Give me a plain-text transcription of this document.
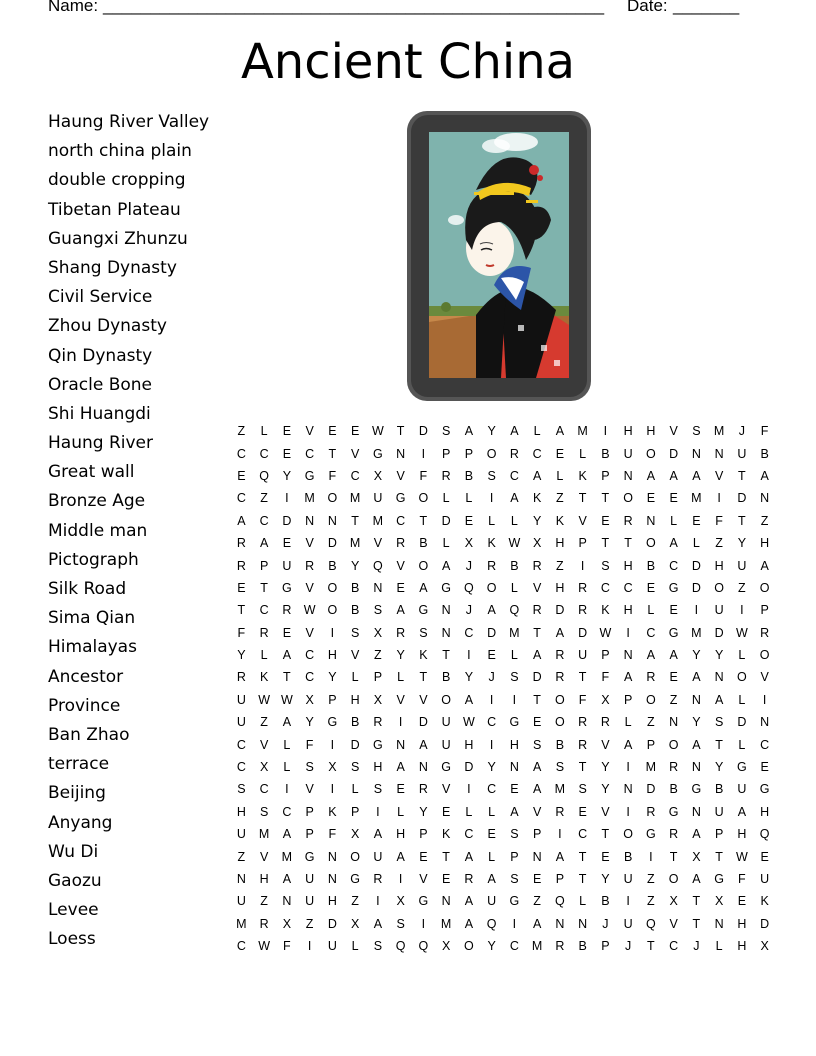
Name: _____________________________________________________ Date: _______
Ancient China
Haung River Valley
north china plain
double cropping
Tibetan Plateau
Guangxi Zhunzu
Shang Dynasty
Civil Service
Zhou Dynasty
Qin Dynasty
Oracle Bone
Shi Huangdi
Haung River
Great wall
Bronze Age
Middle man
Pictograph
Silk Road
Sima Qian
Himalayas
Ancestor
Province
Ban Zhao
terrace
Beijing
Anyang
Wu Di
Gaozu
Levee
Loess
Z	L	E	V	E	E	W	T	D	S	A	Y	A	L	A	M	I	H	H	V	S	M	J	F
C	C	E	C	T	V	G	N	I	P	P	O	R	C	E	L	B	U	O	D	N	N	U	B
E	Q	Y	G	F	C	X	V	F	R	B	S	C	A	L	K	P	N	A	A	A	V	T	A
C	Z	I	M	O	M	U	G	O	L	L	I	A	K	Z	T	T	O	E	E	M	I	D	N
A	C	D	N	N	T	M	C	T	D	E	L	L	Y	K	V	E	R	N	L	E	F	T	Z
R	A	E	V	D	M	V	R	B	L	X	K	W	X	H	P	T	T	O	A	L	Z	Y	H
R	P	U	R	B	Y	Q	V	O	A	J	R	B	R	Z	I	S	H	B	C	D	H	U	A
E	T	G	V	O	B	N	E	A	G	Q	O	L	V	H	R	C	C	E	G	D	O	Z	O
T	C	R	W	O	B	S	A	G	N	J	A	Q	R	D	R	K	H	L	E	I	U	I	P
F	R	E	V	I	S	X	R	S	N	C	D	M	T	A	D	W	I	C	G	M	D	W	R
Y	L	A	C	H	V	Z	Y	K	T	I	E	L	A	R	U	P	N	A	A	Y	Y	L	O
R	K	T	C	Y	L	P	L	T	B	Y	J	S	D	R	T	F	A	R	E	A	N	O	V
U	W	W	X	P	H	X	V	V	O	A	I	I	T	O	F	X	P	O	Z	N	A	L	I
U	Z	A	Y	G	B	R	I	D	U	W	C	G	E	O	R	R	L	Z	N	Y	S	D	N
C	V	L	F	I	D	G	N	A	U	H	I	H	S	B	R	V	A	P	O	A	T	L	C
C	X	L	S	X	S	H	A	N	G	D	Y	N	A	S	T	Y	I	M	R	N	Y	G	E
S	C	I	V	I	L	S	E	R	V	I	C	E	A	M	S	Y	N	D	B	G	B	U	G
H	S	C	P	K	P	I	L	Y	E	L	L	A	V	R	E	V	I	R	G	N	U	A	H
U	M	A	P	F	X	A	H	P	K	C	E	S	P	I	C	T	O	G	R	A	P	H	Q
Z	V	M	G	N	O	U	A	E	T	A	L	P	N	A	T	E	B	I	T	X	T	W	E
N	H	A	U	N	G	R	I	V	E	R	A	S	E	P	T	Y	U	Z	O	A	G	F	U
U	Z	N	U	H	Z	I	X	G	N	A	U	G	Z	Q	L	B	I	Z	X	T	X	E	K
M	R	X	Z	D	X	A	S	I	M	A	Q	I	A	N	N	J	U	Q	V	T	N	H	D
C	W	F	I	U	L	S	Q	Q	X	O	Y	C	M	R	B	P	J	T	C	J	L	H	X
